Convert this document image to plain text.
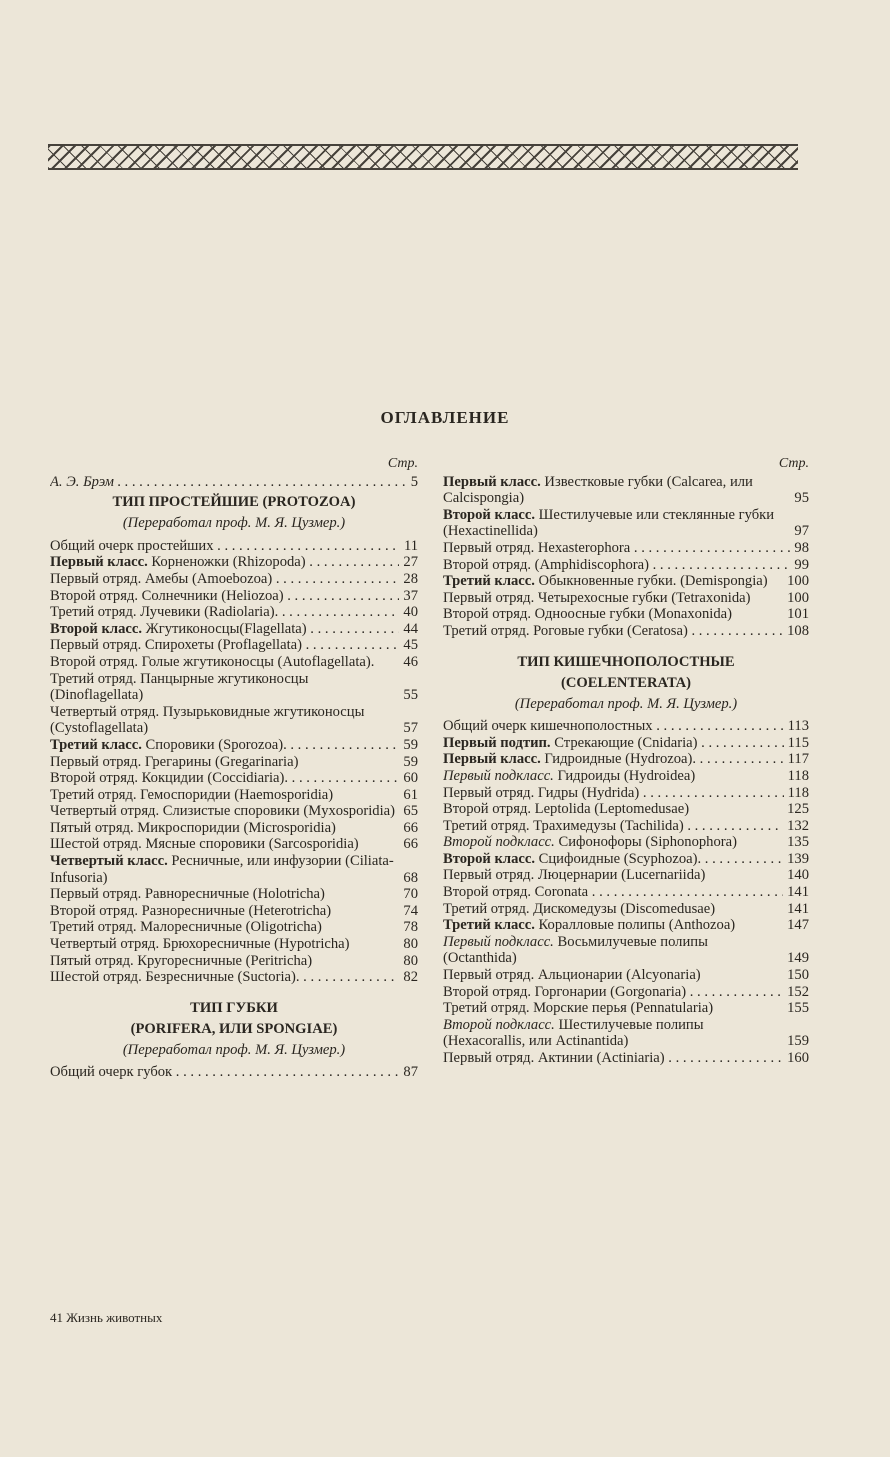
ОГЛАВЛЕНИЕ
Стр.
А. Э. Брэм . . .	5
ТИП ПРОСТЕЙШИЕ (PROTOZOA)
(Переработал проф. М. Я. Цузмер.)
Общий очерк простейших . . .	11
Первый класс. Корненожки (Rhizopoda) . . .	27
Первый отряд. Амебы (Amoebozoa) . . .	28
Второй отряд. Солнечники (Heliozoa) . . .	37
Третий отряд. Лучевики (Radiolaria). . . .	40
Второй класс. Жгутиконосцы(Flagellata) . . .	44
Первый отряд. Спирохеты (Proflagellata) . . .	45
Второй отряд. Голые жгутиконосцы (Autoflagellata).	46
Третий отряд. Панцырные жгутиконосцы (Dinoflagellata)	55
Четвертый отряд. Пузырьковидные жгутиконосцы (Cystoflagellata)	57
Третий класс. Споровики (Sporozoa). . . .	59
Первый отряд. Грегарины (Gregarinaria)	59
Второй отряд. Кокцидии (Coccidiaria). . . .	60
Третий отряд. Гемоспоридии (Haemosporidia)	61
Четвертый отряд. Слизистые споровики (Myxosporidia) 65
Пятый отряд. Микроспоридии (Microsporidia)	66
Шестой отряд. Мясные споровики (Sarcosporidia)	66
Четвертый класс. Ресничные, или инфузории (Ciliata-Infusoria)	68
Первый отряд. Равноресничные (Holotricha)	70
Второй отряд. Разноресничные (Heterotricha)	74
Третий отряд. Малоресничные (Oligotricha)	78
Четвертый отряд. Брюхоресничные (Hypotricha)	80
Пятый отряд. Кругоресничные (Peritricha)	80
Шестой отряд. Безресничные (Suctoria). . . .	82
ТИП ГУБКИ
(PORIFERA, ИЛИ SPONGIAE)
(Переработал проф. М. Я. Цузмер.)
Общий очерк губок . . .	87
Стр.
Первый класс. Известковые губки (Calcarea, или Calcispongia)	95
Второй класс. Шестилучевые или стеклянные губки (Hexactinellida)	97
Первый отряд. Hexasterophora . . .	98
Второй отряд. (Amphidiscophora) . . .	99
Третий класс. Обыкновенные губки. (Demispongia)	100
Первый отряд. Четырехосные губки (Tetraxonida)	100
Второй отряд. Одноосные губки (Monaxonida)	101
Третий отряд. Роговые губки (Ceratosa) . . .	108
ТИП КИШЕЧНОПОЛОСТНЫЕ
(COELENTERATA)
(Переработал проф. М. Я. Цузмер.)
Общий очерк кишечнополостных . . .	113
Первый подтип. Стрекающие (Cnidaria) . . .	115
Первый класс. Гидроидные (Hydrozoa). . . .	117
Первый подкласс. Гидроиды (Hydroidea)	118
Первый отряд. Гидры (Hydrida) . . .	118
Второй отряд. Leptolida (Leptomedusae)	125
Третий отряд. Трахимедузы (Tachilida) . . .	132
Второй подкласс. Сифонофоры (Siphonophora)	135
Второй класс. Сцифоидные (Scyphozoa). . . .	139
Первый отряд. Люцернарии (Lucernariida)	140
Второй отряд. Coronata . . .	141
Третий отряд. Дискомедузы (Discomedusae)	141
Третий класс. Коралловые полипы (Anthozoa)	147
Первый подкласс. Восьмилучевые полипы (Octanthida)	149
Первый отряд. Альционарии (Alcyonaria)	150
Второй отряд. Горгонарии (Gorgonaria) . . .	152
Третий отряд. Морские перья (Pennatularia)	155
Второй подкласс. Шестилучевые полипы (Hexacorallis, или Actinantida)	159
Первый отряд. Актинии (Actiniaria) . . .	160
41 Жизнь животных
